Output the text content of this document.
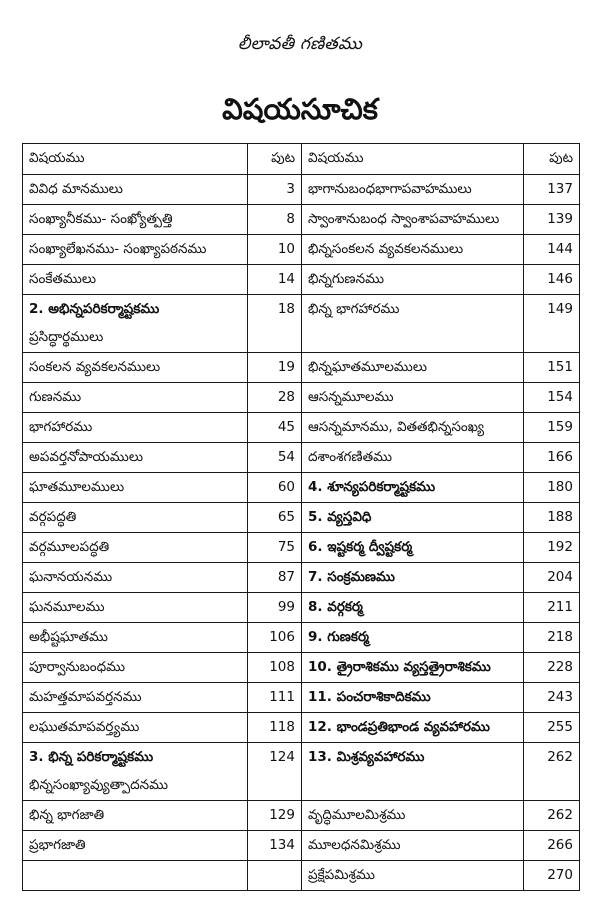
లీలావతీ గణితము
విషయసూచిక
విషయము	పుట	విషయము	పుట
వివిధ మానములు	3	భాగానుబంధభాగాపవాహములు	137
సంఖ్యానీకము- సంఖ్యోత్పత్తి	8	స్వాంశానుబంధ స్వాంశాపవాహములు	139
సంఖ్యాలేఖనము- సంఖ్యాపఠనము	10	భిన్నసంకలన వ్యవకలనములు	144
సంకేతములు	14	భిన్నగుణనము	146
2. అభిన్నపరికర్మాష్టకము
ప్రసిద్ధార్థములు	18	భిన్న భాగహారము	149
సంకలన వ్యవకలనములు	19	భిన్నఘాతమూలములు	151
గుణనము	28	ఆసన్నమూలము	154
భాగహారము	45	ఆసన్నమానము, వితతభిన్నసంఖ్య	159
అపవర్తనోపాయములు	54	దశాంశగణితము	166
ఘాతమూలములు	60	4. శూన్యపరికర్మాష్టకము	180
వర్గపద్ధతి	65	5. వ్యస్తవిధి	188
వర్గమూలపద్ధతి	75	6. ఇష్టకర్మ ద్వీష్టకర్మ	192
ఘనానయనము	87	7. సంక్రమణము	204
ఘనమూలము	99	8. వర్గకర్మ	211
అభీష్టఘాతము	106	9. గుణకర్మ	218
పూర్వానుబంధము	108	10. త్రైరాశికము వ్యస్తత్రైరాశికము	228
మహత్తమాపవర్తనము	111	11. పంచరాశికాదికము	243
లఘుతమాపవర్త్యము	118	12. భాండప్రతిభాండ వ్యవహారము	255
3. భిన్న పరికర్మాష్టకము
భిన్నసంఖ్యావ్యుత్పాదనము	124	13. మిశ్రవ్యవహారము	262
భిన్న భాగజాతి	129	వృద్ధిమూలమిశ్రము	262
ప్రభాగజాతి	134	మూలధనమిశ్రము	266
		ప్రక్షేపమిశ్రము	270
